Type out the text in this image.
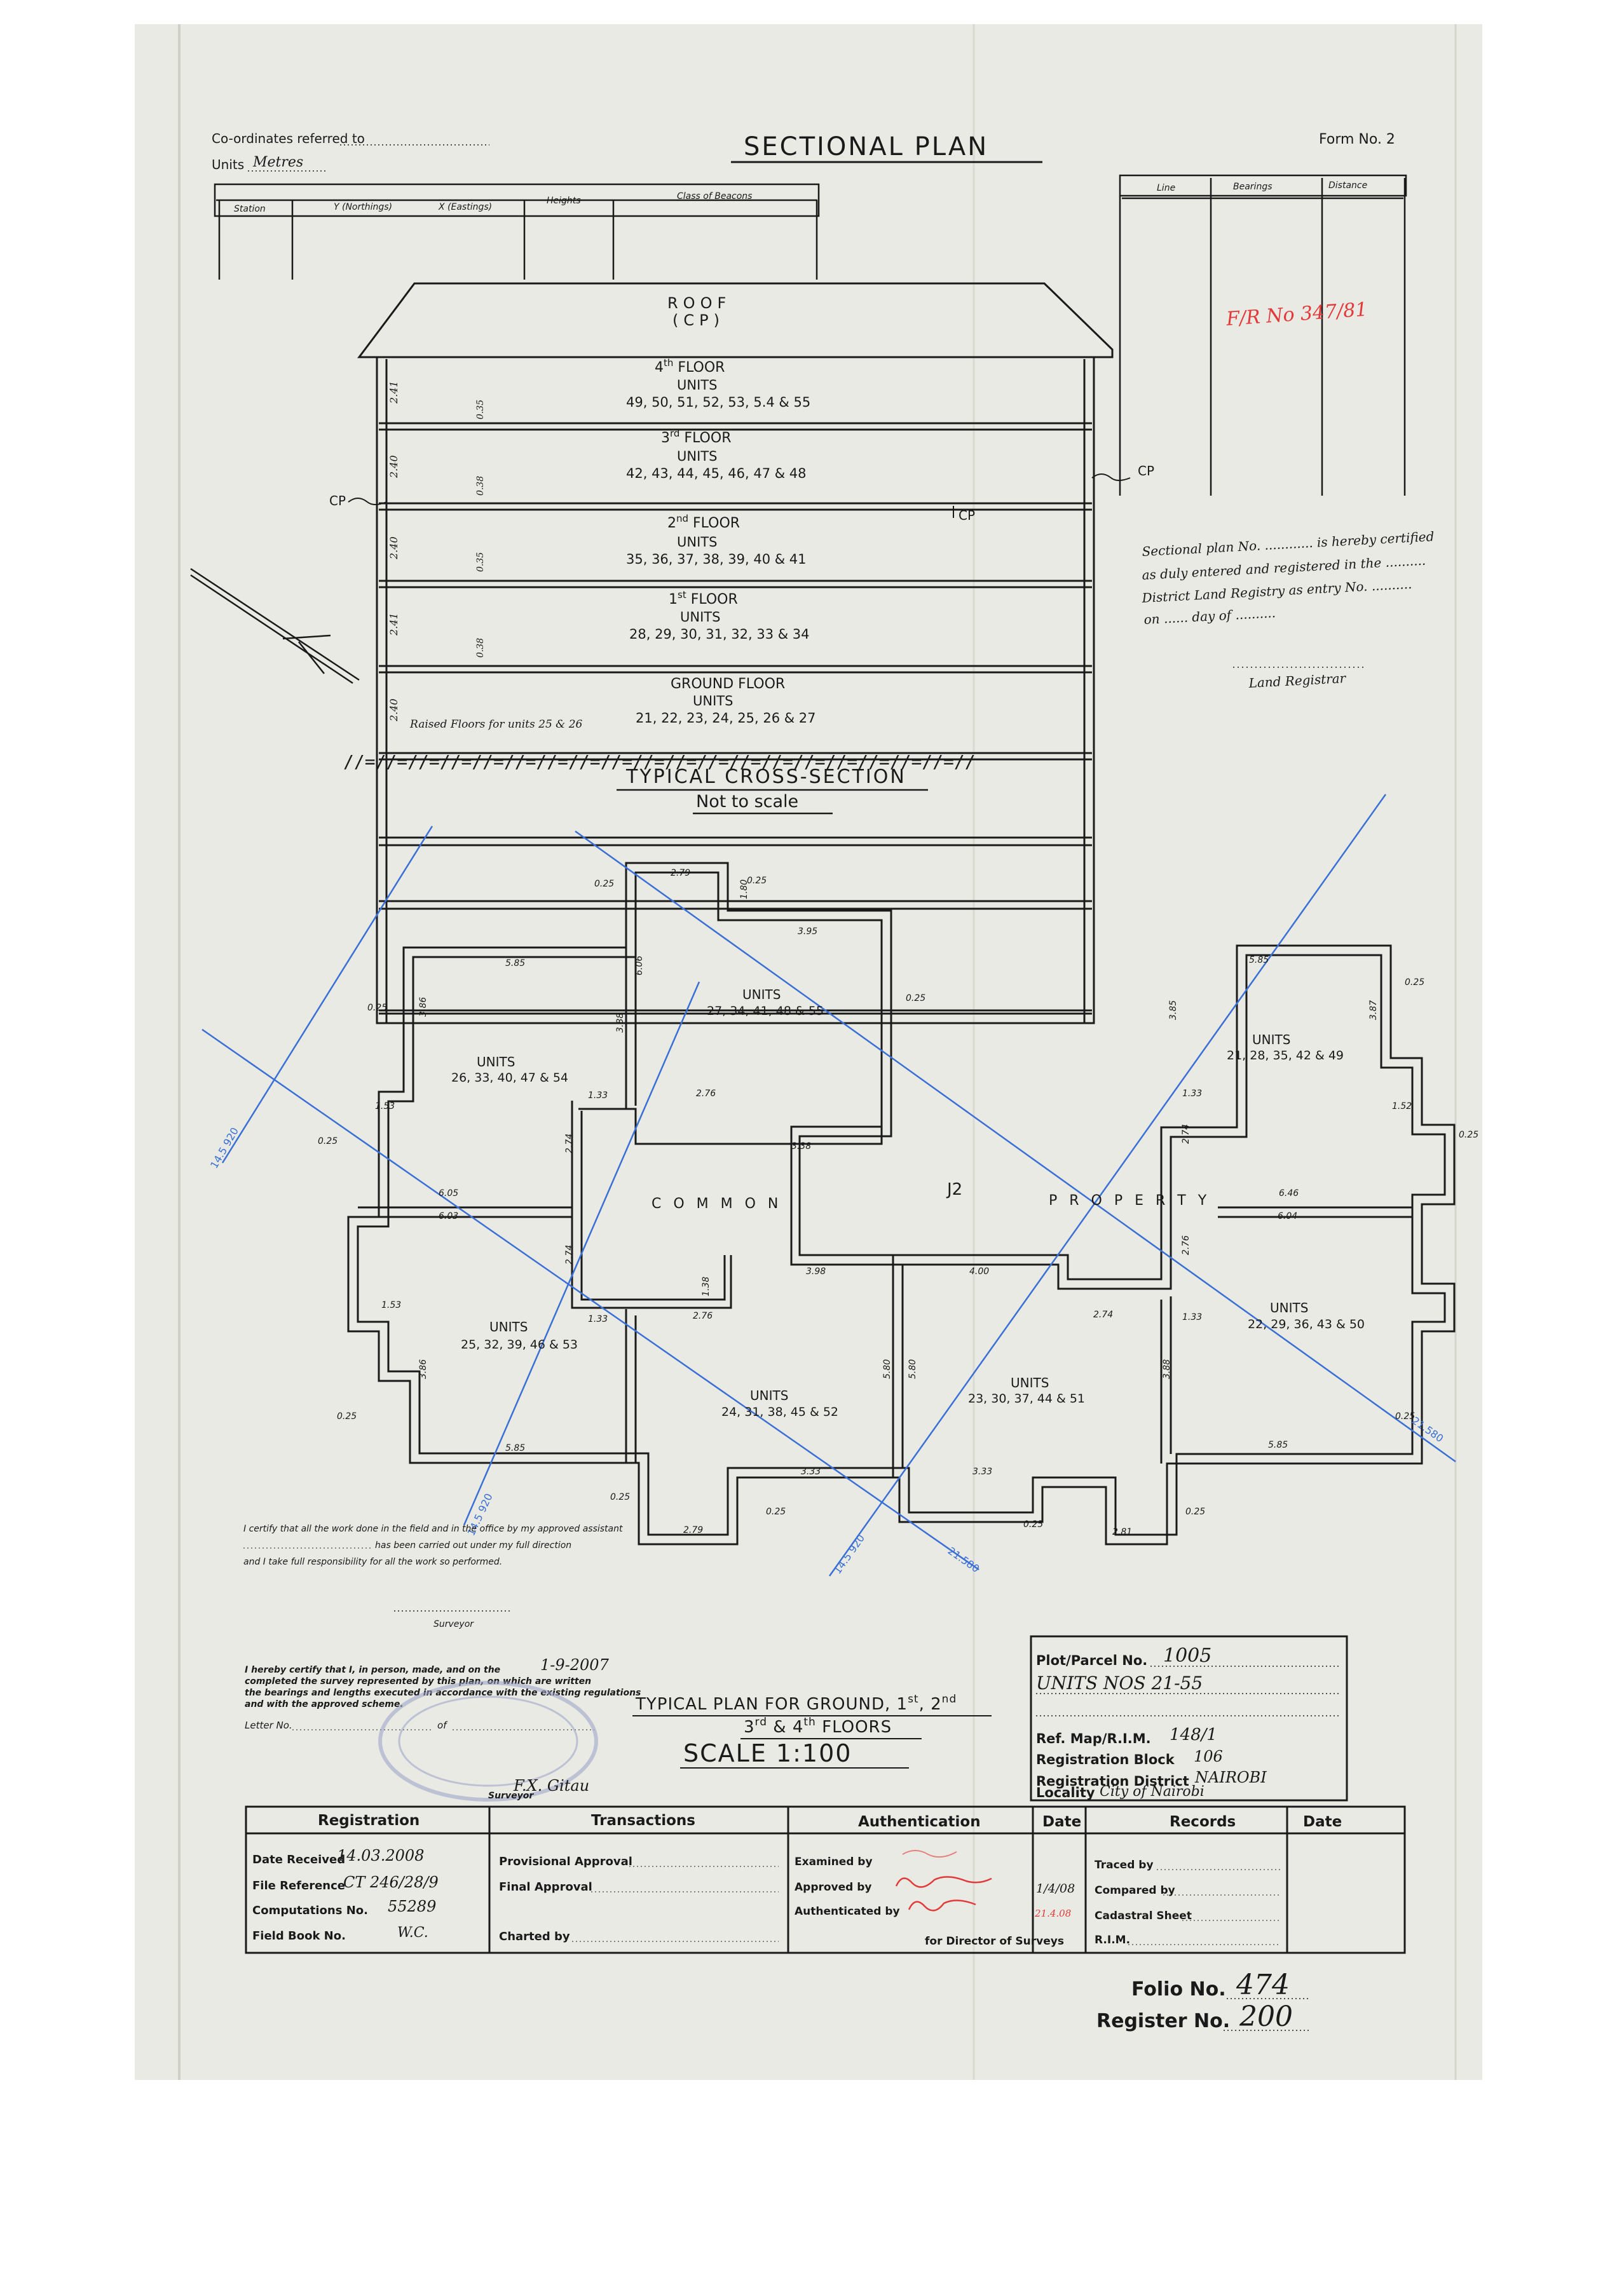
Co-ordinates referred to
Units Metres
SECTIONAL PLAN	Form No. 2
Station	Y (Northings)	X (Eastings)
Heights	Class of Beacons
Line	Bearings	Distance
F/R No 347/81
ROOF
(CP)
4th FLOOR
UNITS
49, 50, 51, 52, 53, 5.4 & 55
3rd FLOOR
UNITS
42, 43, 44, 45, 46, 47 & 48
2nd FLOOR
UNITS
35, 36, 37, 38, 39, 40 & 41
1st FLOOR
UNITS
28, 29, 30, 31, 32, 33 & 34
GROUND FLOOR
UNITS
21, 22, 23, 24, 25, 26 & 27
2.41
0.35
2.40
0.38
2.40
0.35
2.41
0.38
2.40
CP
CP
CP
Raised Floors for units 25 & 26
//=//=//=//=//=//=//=//=//=//=//=//=//=//=//=//=//=//=//=//
TYPICAL CROSS-SECTION
Not to scale
Sectional plan No. ............ is hereby certified
as duly entered and registered in the ..........
District Land Registry as entry No. ..........
on ...... day of ..........
Land Registrar
14.5 920
14.5 920
14.5 920
21.580
21.580
UNITS
26, 33, 40, 47 & 54
UNITS
27, 34, 41, 48 & 55
UNITS
21, 28, 35, 42 & 49
UNITS
25, 32, 39, 46 & 53
UNITS
24, 31, 38, 45 & 52
UNITS
23, 30, 37, 44 & 51
UNITS
22, 29, 36, 43 & 50
C O M M O N	P R O P E R T Y
J2
5.85	5.85
5.85	5.85
6.06
3.88
3.88
3.86
3.86
3.87
3.85
3.95
3.98
3.38
3.33	3.33
2.79
2.79	2.81
2.76
2.76	2.74
2.74
2.74
2.74
2.76
1.80
1.53
1.53
1.52
1.33
1.33
1.33
1.33
1.38
6.05
6.03	6.04
6.46
5.80 5.80
4.00
0.25
0.25
0.25
0.25
0.25
0.25
0.25
0.25
0.25
0.25
0.25
0.25
0.25
I certify that all the work done in the field and in the office by my approved assistant
has been carried out under my full direction
and I take full responsibility for all the work so performed.
Surveyor
I hereby certify that I, in person, made, and on the	1-9-2007
completed the survey represented by this plan, on which are written
the bearings and lengths executed in accordance with the existing regulations
and with the approved scheme.
Letter No.	of
F.X. Gitau
Surveyor
TYPICAL PLAN FOR GROUND, 1st, 2nd
3rd & 4th FLOORS
SCALE 1:100
Plot/Parcel No. 1005
UNITS NOS 21-55
Ref. Map/R.I.M. 148/1
Registration Block 106
Registration District NAIROBI
Locality City of Nairobi
Registration	Transactions	Authentication	Date	Records	Date
Date Received
14.03.2008
File Reference
CT 246/28/9
Computations No. 55289
Field Book No.	W.C.
Provisional Approval
Final Approval
Charted by
Examined by
Approved by
Authenticated by
for Director of Surveys
1/4/08
21.4.08
Traced by
Compared by
Cadastral Sheet
R.I.M.
Folio No. 474
Register No. 200
